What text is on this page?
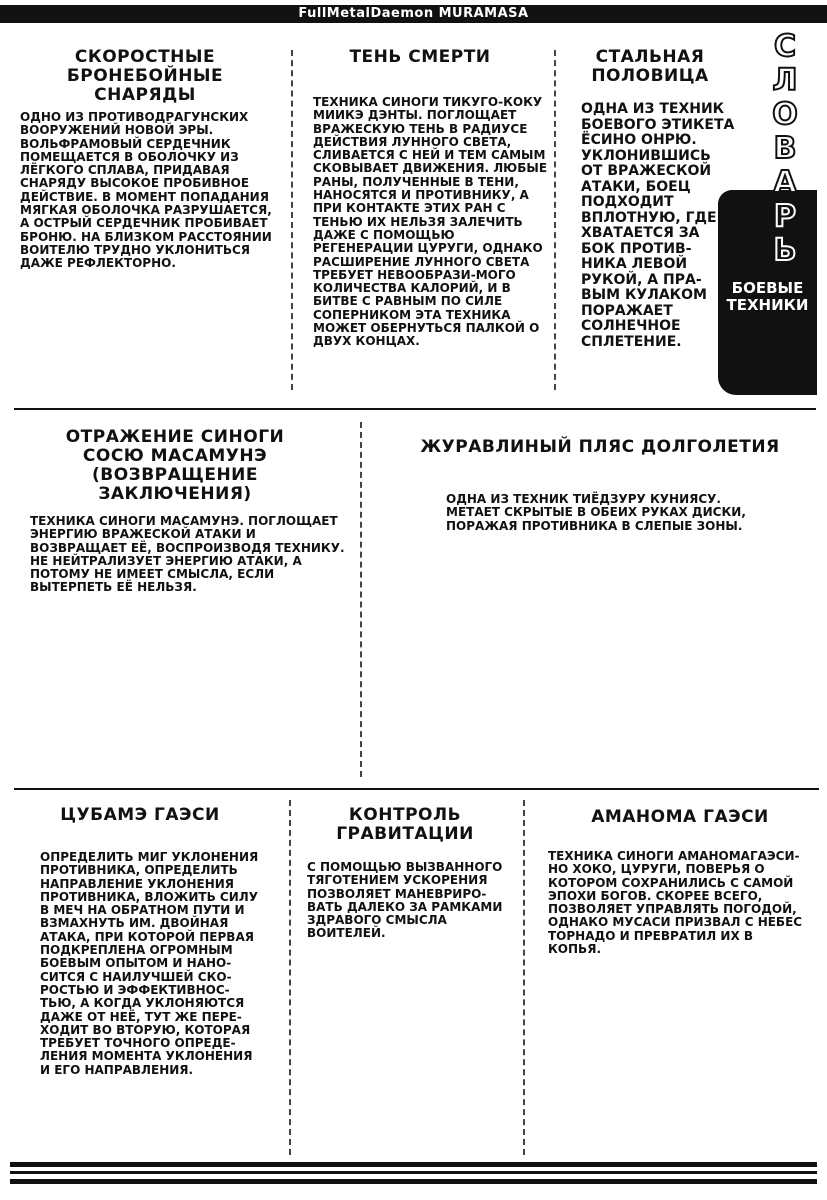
FullMetalDaemon MURAMASA
С
Л
О
В
А
Р
Ь
БОЕВЫЕ ТЕХНИКИ
СКОРОСТНЫЕ БРОНЕБОЙНЫЕ СНАРЯДЫ
ОДНО ИЗ ПРОТИВОДРАГУНСКИХ ВООРУЖЕНИЙ НОВОЙ ЭРЫ. ВОЛЬФРАМОВЫЙ СЕРДЕЧНИК ПОМЕЩАЕТСЯ В ОБОЛОЧКУ ИЗ ЛЁГКОГО СПЛАВА, ПРИДАВАЯ СНАРЯДУ ВЫСОКОЕ ПРОБИВНОЕ ДЕЙСТВИЕ. В МОМЕНТ ПОПАДАНИЯ МЯГКАЯ ОБОЛОЧКА РАЗРУШАЕТСЯ, А ОСТРЫЙ СЕРДЕЧНИК ПРОБИВАЕТ БРОНЮ. НА БЛИЗКОМ РАССТОЯНИИ ВОИТЕЛЮ ТРУДНО УКЛОНИТЬСЯ ДАЖЕ РЕФЛЕКТОРНО.
ТЕНЬ СМЕРТИ
ТЕХНИКА СИНОГИ ТИКУГО-КОКУ МИИКЭ ДЭНТЫ. ПОГЛОЩАЕТ ВРАЖЕСКУЮ ТЕНЬ В РАДИУСЕ ДЕЙСТВИЯ ЛУННОГО СВЕТА, СЛИВАЕТСЯ С НЕЙ И ТЕМ САМЫМ СКОВЫВАЕТ ДВИЖЕНИЯ. ЛЮБЫЕ РАНЫ, ПОЛУЧЕННЫЕ В ТЕНИ, НАНОСЯТСЯ И ПРОТИВНИКУ, А ПРИ КОНТАКТЕ ЭТИХ РАН С ТЕНЬЮ ИХ НЕЛЬЗЯ ЗАЛЕЧИТЬ ДАЖЕ С ПОМОЩЬЮ РЕГЕНЕРАЦИИ ЦУРУГИ, ОДНАКО РАСШИРЕНИЕ ЛУННОГО СВЕТА ТРЕБУЕТ НЕВООБРАЗИ-МОГО КОЛИЧЕСТВА КАЛОРИЙ, И В БИТВЕ С РАВНЫМ ПО СИЛЕ СОПЕРНИКОМ ЭТА ТЕХНИКА МОЖЕТ ОБЕРНУТЬСЯ ПАЛКОЙ О ДВУХ КОНЦАХ.
СТАЛЬНАЯ ПОЛОВИЦА
ОДНА ИЗ ТЕХНИК БОЕВОГО ЭТИКЕТА ЁСИНО ОНРЮ. УКЛОНИВШИСЬ ОТ ВРАЖЕСКОЙ АТАКИ, БОЕЦ ПОДХОДИТ ВПЛОТНУЮ, ГДЕ ХВАТАЕТСЯ ЗА БОК ПРОТИВ-НИКА ЛЕВОЙ РУКОЙ, А ПРА-ВЫМ КУЛАКОМ ПОРАЖАЕТ СОЛНЕЧНОЕ СПЛЕТЕНИЕ.
ОТРАЖЕНИЕ СИНОГИ СОСЮ МАСАМУНЭ (ВОЗВРАЩЕНИЕ ЗАКЛЮЧЕНИЯ)
ТЕХНИКА СИНОГИ МАСАМУНЭ. ПОГЛОЩАЕТ ЭНЕРГИЮ ВРАЖЕСКОЙ АТАКИ И ВОЗВРАЩАЕТ ЕЁ, ВОСПРОИЗВОДЯ ТЕХНИКУ. НЕ НЕЙТРАЛИЗУЕТ ЭНЕРГИЮ АТАКИ, А ПОТОМУ НЕ ИМЕЕТ СМЫСЛА, ЕСЛИ ВЫТЕРПЕТЬ ЕЁ НЕЛЬЗЯ.
ЖУРАВЛИНЫЙ ПЛЯС ДОЛГОЛЕТИЯ
ОДНА ИЗ ТЕХНИК ТИЁДЗУРУ КУНИЯСУ. МЕТАЕТ СКРЫТЫЕ В ОБЕИХ РУКАХ ДИСКИ, ПОРАЖАЯ ПРОТИВНИКА В СЛЕПЫЕ ЗОНЫ.
ЦУБАМЭ ГАЭСИ
ОПРЕДЕЛИТЬ МИГ УКЛОНЕНИЯ ПРОТИВНИКА, ОПРЕДЕЛИТЬ НАПРАВЛЕНИЕ УКЛОНЕНИЯ ПРОТИВНИКА, ВЛОЖИТЬ СИЛУ В МЕЧ НА ОБРАТНОМ ПУТИ И ВЗМАХНУТЬ ИМ. ДВОЙНАЯ АТАКА, ПРИ КОТОРОЙ ПЕРВАЯ ПОДКРЕПЛЕНА ОГРОМНЫМ БОЕВЫМ ОПЫТОМ И НАНО-СИТСЯ С НАИЛУЧШЕЙ СКО-РОСТЬЮ И ЭФФЕКТИВНОС-ТЬЮ, А КОГДА УКЛОНЯЮТСЯ ДАЖЕ ОТ НЕЁ, ТУТ ЖЕ ПЕРЕ-ХОДИТ ВО ВТОРУЮ, КОТОРАЯ ТРЕБУЕТ ТОЧНОГО ОПРЕДЕ-ЛЕНИЯ МОМЕНТА УКЛОНЕНИЯ И ЕГО НАПРАВЛЕНИЯ.
КОНТРОЛЬ ГРАВИТАЦИИ
С ПОМОЩЬЮ ВЫЗВАННОГО ТЯГОТЕНИЕМ УСКОРЕНИЯ ПОЗВОЛЯЕТ МАНЕВРИРО-ВАТЬ ДАЛЕКО ЗА РАМКАМИ ЗДРАВОГО СМЫСЛА ВОИТЕЛЕЙ.
АМАНОМА ГАЭСИ
ТЕХНИКА СИНОГИ АМАНОМАГАЭСИ-НО ХОКО, ЦУРУГИ, ПОВЕРЬЯ О КОТОРОМ СОХРАНИЛИСЬ С САМОЙ ЭПОХИ БОГОВ. СКОРЕЕ ВСЕГО, ПОЗВОЛЯЕТ УПРАВЛЯТЬ ПОГОДОЙ, ОДНАКО МУСАСИ ПРИЗВАЛ С НЕБЕС ТОРНАДО И ПРЕВРАТИЛ ИХ В КОПЬЯ.
